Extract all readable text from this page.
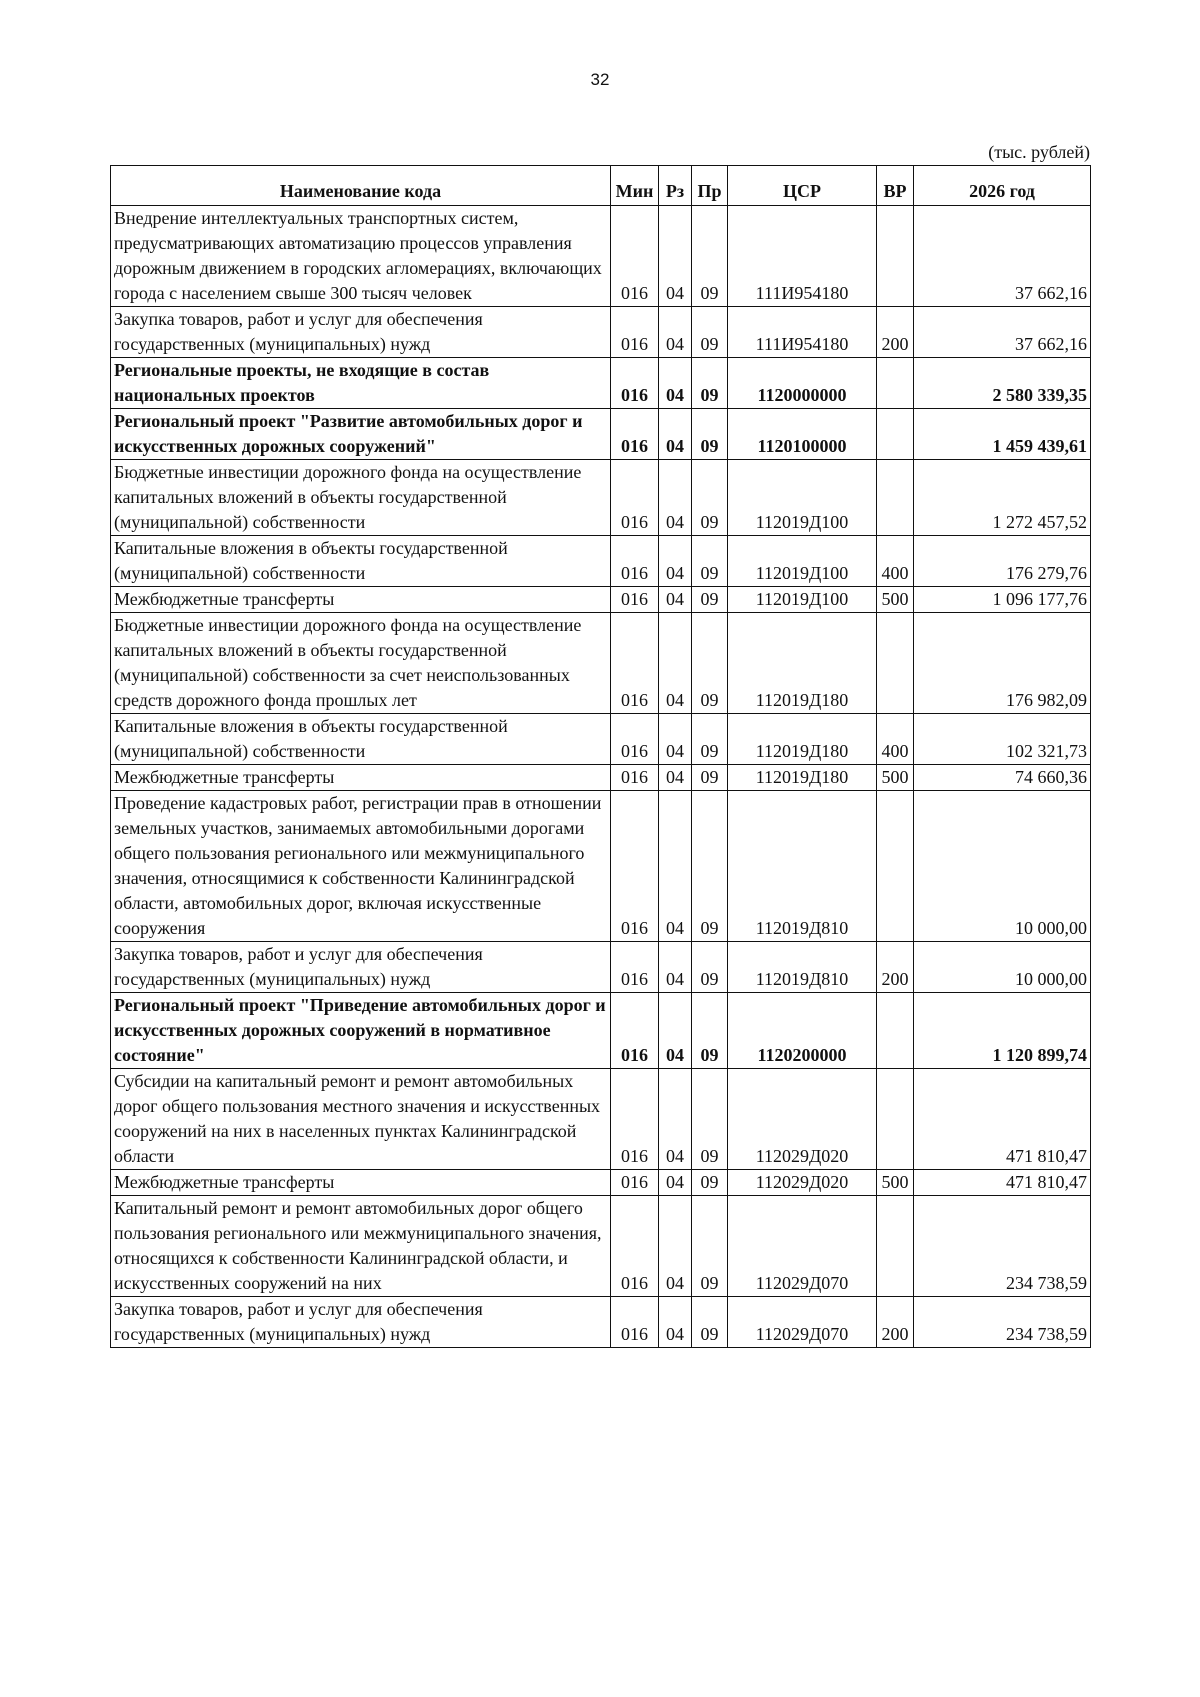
32
(тыс. рублей)
Наименование кода	Мин	Рз	Пр	ЦСР	ВР	2026 год
Внедрение интеллектуальных транспортных систем, предусматривающих автоматизацию процессов управления дорожным движением в городских агломерациях, включающих города с населением свыше 300 тысяч человек	016	04	09	111И954180		37 662,16
Закупка товаров, работ и услуг для обеспечения государственных (муниципальных) нужд	016	04	09	111И954180	200	37 662,16
Региональные проекты, не входящие в состав национальных проектов	016	04	09	1120000000		2 580 339,35
Региональный проект "Развитие автомобильных дорог и искусственных дорожных сооружений"	016	04	09	1120100000		1 459 439,61
Бюджетные инвестиции дорожного фонда на осуществление капитальных вложений в объекты государственной (муниципальной) собственности	016	04	09	112019Д100		1 272 457,52
Капитальные вложения в объекты государственной (муниципальной) собственности	016	04	09	112019Д100	400	176 279,76
Межбюджетные трансферты	016	04	09	112019Д100	500	1 096 177,76
Бюджетные инвестиции дорожного фонда на осуществление капитальных вложений в объекты государственной (муниципальной) собственности за счет неиспользованных средств дорожного фонда прошлых лет	016	04	09	112019Д180		176 982,09
Капитальные вложения в объекты государственной (муниципальной) собственности	016	04	09	112019Д180	400	102 321,73
Межбюджетные трансферты	016	04	09	112019Д180	500	74 660,36
Проведение кадастровых работ, регистрации прав в отношении земельных участков, занимаемых автомобильными дорогами общего пользования регионального или межмуниципального значения, относящимися к собственности Калининградской области, автомобильных дорог, включая искусственные сооружения	016	04	09	112019Д810		10 000,00
Закупка товаров, работ и услуг для обеспечения государственных (муниципальных) нужд	016	04	09	112019Д810	200	10 000,00
Региональный проект "Приведение автомобильных дорог и искусственных дорожных сооружений в нормативное состояние"	016	04	09	1120200000		1 120 899,74
Субсидии на капитальный ремонт и ремонт автомобильных дорог общего пользования местного значения и искусственных сооружений на них в населенных пунктах Калининградской области	016	04	09	112029Д020		471 810,47
Межбюджетные трансферты	016	04	09	112029Д020	500	471 810,47
Капитальный ремонт и ремонт автомобильных дорог общего пользования регионального или межмуниципального значения, относящихся к собственности Калининградской области, и искусственных сооружений на них	016	04	09	112029Д070		234 738,59
Закупка товаров, работ и услуг для обеспечения государственных (муниципальных) нужд	016	04	09	112029Д070	200	234 738,59
